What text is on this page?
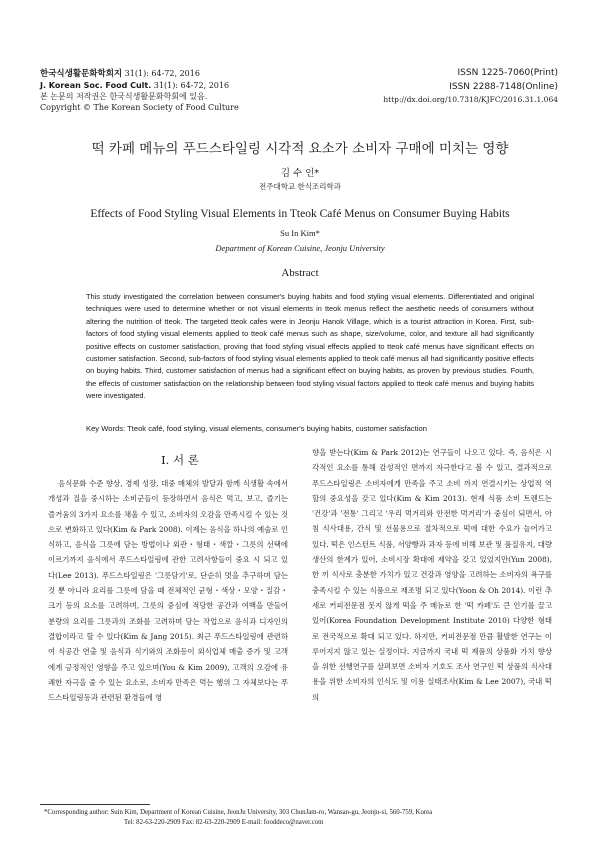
한국식생활문화학회지 31(1): 64-72, 2016
J. Korean Soc. Food Cult. 31(1): 64-72, 2016
본 논문의 저작권은 한국식생활문화학회에 있음.
Copyright © The Korean Society of Food Culture
ISSN 1225-7060(Print)
ISSN 2288-7148(Online)
http://dx.doi.org/10.7318/KJFC/2016.31.1.064
떡 카페 메뉴의 푸드스타일링 시각적 요소가 소비자 구매에 미치는 영향
김 수 인*
전주대학교 한식조리학과
Effects of Food Styling Visual Elements in Tteok Café Menus on Consumer Buying Habits
Su In Kim*
Department of Korean Cuisine, Jeonju University
Abstract
This study investigated the correlation between consumer's buying habits and food styling visual elements. Differentiated and original techniques were used to determine whether or not visual elements in tteok menus reflect the aesthetic needs of consumers without altering the nutrition of tteok. The targeted tteok cafes were in Jeonju Hanok Village, which is a tourist attraction in Korea. First, sub-factors of food styling visual elements applied to tteok café menus such as shape, size/volume, color, and texture all had significantly positive effects on customer satisfaction, proving that food styling visual effects applied to tteok café menus have significant effects on customer satisfaction. Second, sub-factors of food styling visual elements applied to tteok café menus all had significantly positive effects on buying habits. Third, customer satisfaction of menus had a significant effect on buying habits, as proven by previous studies. Fourth, the effects of customer satisfaction on the relationship between food styling visual factors applied to tteok café menus and buying habits were investigated.
Key Words: Tteok café, food styling, visual elements, consumer's buying habits, customer satisfaction
Ⅰ. 서 론
음식문화 수준 향상, 경제 성장, 대중 매체의 발달과 함께 식생활 속에서 개성과 질을 중시하는 소비군들이 등장하면서 음식은 먹고, 보고, 즐기는 즐거움의 3가지 요소를 채울 수 있고, 소비자의 오감을 만족시킬 수 있는 것으로 변화하고 있다(Kim & Park 2008). 이제는 음식을 하나의 예술로 인식하고, 음식을 그릇에 담는 방법이나 외관・형태・색깔・그릇의 선택에 이르기까지 음식에서 푸드스타일링에 관한 고려사항들이 중요 시 되고 있다(Lee 2013). 푸드스타일링은 '그릇담기'로, 단순히 멋을 추구하며 담는 것 뿐 아니라 요리를 그릇에 담을 때 전체적인 균형・색상・모양・질감・크기 등의 요소를 고려하며, 그릇의 중심에 적당한 공간과 여백을 만들어 분량의 요리를 그릇과의 조화를 고려하며 담는 작업으로 음식과 디자인의 결합이라고 할 수 있다(Kim & Jang 2015). 최근 푸드스타일링에 관련하여 식공간 연출 및 음식과 식기와의 조화등이 외식업체 매출 증가 및 고객에게 긍정적인 영향을 주고 있으며(You & Kim 2009), 고객의 오감에 유쾌한 자극을 줄 수 있는 요소로, 소비자 만족은 먹는 행위 그 자체보다는 푸드스타일링등과 관련된 환경들에 영
향을 받는다(Kim & Park 2012)는 연구들이 나오고 있다. 즉, 음식은 시각적인 요소를 통해 감성적인 면까지 자극한다고 볼 수 있고, 결과적으로 푸드스타일링은 소비자에게 만족을 주고 소비 까지 연결시키는 상업적 역할의 중요성을 갖고 있다(Kim & Kim 2013). 현재 식품 소비 트렌드는 '건강'과 '전통' 그리고 '우리 먹거리와 안전한 먹거리'가 중심이 되면서, 아침 식사대용, 간식 및 선물용으로 절차적으로 떡에 대한 수요가 늘어가고 있다. 떡은 인스턴트 식품, 서양빵과 과자 등에 비해 보관 및 품질유지, 대량 생산의 한계가 있어, 소비시장 확대에 제약을 갖고 있었지만(Yun 2008), 한 끼 식사로 충분한 가치가 있고 건강과 영양을 고려하는 소비자의 욕구를 충족시킬 수 있는 식품으로 재조명 되고 있다(Yoon & Oh 2014). 이런 추세로 커피전문점 못지 않게 떡을 주 메뉴로 한 '떡 카페'도 큰 인기를 끌고 있어(Korea Foundation Development Institute 2010) 다양한 형태로 전국적으로 확대 되고 있다. 하지만, 커피전문점 만큼 활발한 연구는 이루어지지 않고 있는 실정이다. 지금까지 국내 떡 제품의 상품화 가치 향상을 위한 선행연구를 살펴보면 소비자 기호도 조사 연구인 떡 상품의 식사대용을 위한 소비자의 인식도 및 이용 실태조사(Kim & Lee 2007), 국내 떡의
*Corresponding author: Suin Kim, Department of Korean Cuisine, JeonJu University, 303 ChunJam-ro, Wansan-gu, Jeonju-si, 560-759, Korea
Tel: 82-63-220-2909 Fax: 82-63-220-2909 E-mail: fooddeco@naver.com
